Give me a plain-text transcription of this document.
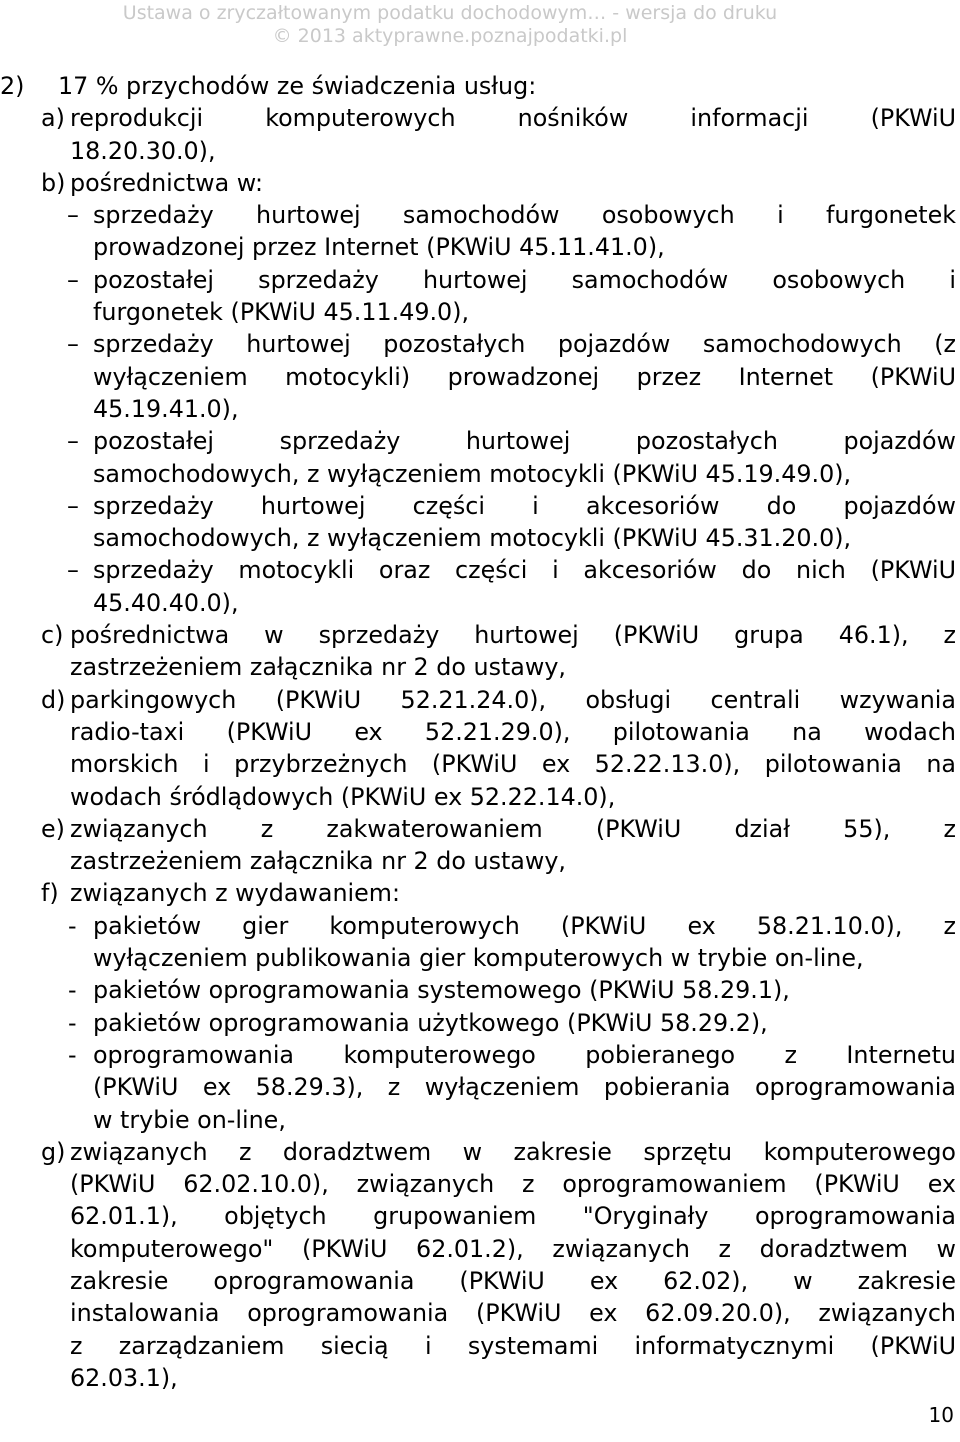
Ustawa o zryczałtowanym podatku dochodowym… - wersja do druku
© 2013 aktyprawne.poznajpodatki.pl
2) 17 % przychodów ze świadczenia usług:
a) reprodukcji komputerowych nośników informacji (PKWiU
18.20.30.0),
b) pośrednictwa w:
– sprzedaży hurtowej samochodów osobowych i furgonetek
prowadzonej przez Internet (PKWiU 45.11.41.0),
– pozostałej sprzedaży hurtowej samochodów osobowych i
furgonetek (PKWiU 45.11.49.0),
– sprzedaży hurtowej pozostałych pojazdów samochodowych (z
wyłączeniem motocykli) prowadzonej przez Internet (PKWiU
45.19.41.0),
– pozostałej sprzedaży hurtowej pozostałych pojazdów
samochodowych, z wyłączeniem motocykli (PKWiU 45.19.49.0),
– sprzedaży hurtowej części i akcesoriów do pojazdów
samochodowych, z wyłączeniem motocykli (PKWiU 45.31.20.0),
– sprzedaży motocykli oraz części i akcesoriów do nich (PKWiU
45.40.40.0),
c) pośrednictwa w sprzedaży hurtowej (PKWiU grupa 46.1), z
zastrzeżeniem załącznika nr 2 do ustawy,
d) parkingowych (PKWiU 52.21.24.0), obsługi centrali wzywania
radio-taxi (PKWiU ex 52.21.29.0), pilotowania na wodach
morskich i przybrzeżnych (PKWiU ex 52.22.13.0), pilotowania na
wodach śródlądowych (PKWiU ex 52.22.14.0),
e) związanych z zakwaterowaniem (PKWiU dział 55), z
zastrzeżeniem załącznika nr 2 do ustawy,
f) związanych z wydawaniem:
- pakietów gier komputerowych (PKWiU ex 58.21.10.0), z
wyłączeniem publikowania gier komputerowych w trybie on-line,
- pakietów oprogramowania systemowego (PKWiU 58.29.1),
- pakietów oprogramowania użytkowego (PKWiU 58.29.2),
- oprogramowania komputerowego pobieranego z Internetu
(PKWiU ex 58.29.3), z wyłączeniem pobierania oprogramowania
w trybie on-line,
g) związanych z doradztwem w zakresie sprzętu komputerowego
(PKWiU 62.02.10.0), związanych z oprogramowaniem (PKWiU ex
62.01.1), objętych grupowaniem "Oryginały oprogramowania
komputerowego" (PKWiU 62.01.2), związanych z doradztwem w
zakresie oprogramowania (PKWiU ex 62.02), w zakresie
instalowania oprogramowania (PKWiU ex 62.09.20.0), związanych
z zarządzaniem siecią i systemami informatycznymi (PKWiU
62.03.1),
10
